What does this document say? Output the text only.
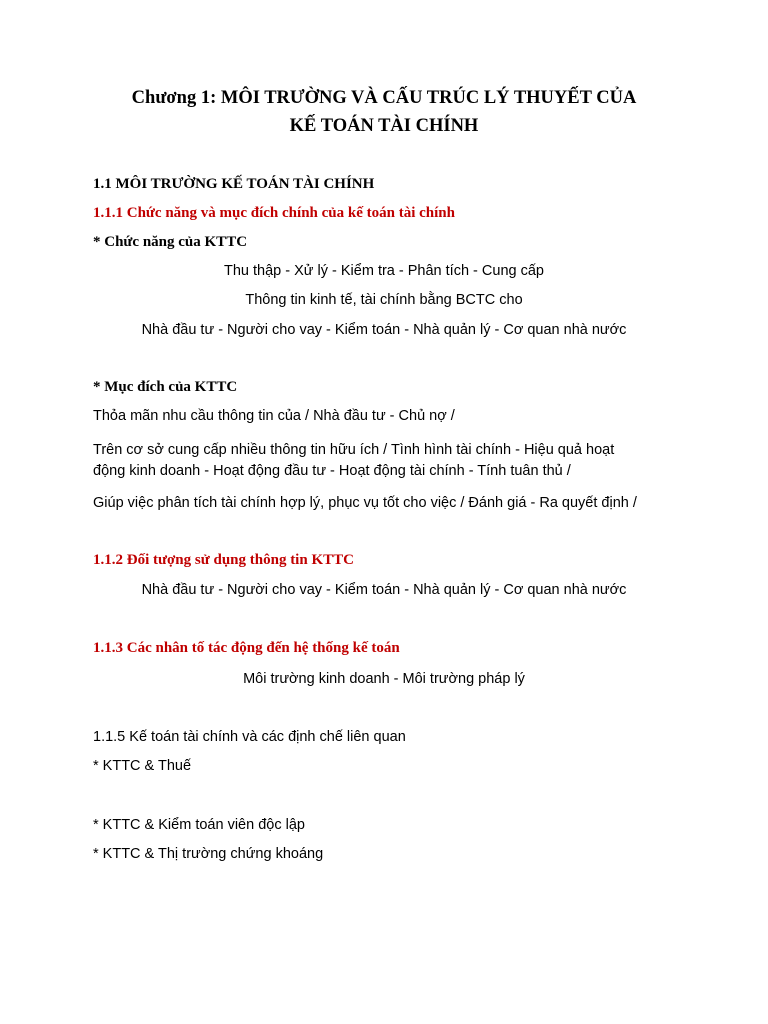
Chương 1: MÔI TRƯỜNG VÀ CẤU TRÚC LÝ THUYẾT CỦA
KẾ TOÁN TÀI CHÍNH
1.1 MÔI TRƯỜNG KẾ TOÁN TÀI CHÍNH
1.1.1 Chức năng và mục đích chính của kế toán tài chính
* Chức năng của KTTC
Thu thập - Xử lý - Kiểm tra - Phân tích - Cung cấp
Thông tin kinh tế, tài chính bằng BCTC cho
Nhà đầu tư - Người cho vay - Kiểm toán - Nhà quản lý - Cơ quan nhà nước
* Mục đích của KTTC
Thỏa mãn nhu cầu thông tin của / Nhà đầu tư - Chủ nợ /
Trên cơ sở cung cấp nhiều thông tin hữu ích / Tình hình tài chính - Hiệu quả hoạt
động kinh doanh - Hoạt động đầu tư - Hoạt động tài chính - Tính tuân thủ /
Giúp việc phân tích tài chính hợp lý, phục vụ tốt cho việc / Đánh giá - Ra quyết định /
1.1.2 Đối tượng sử dụng thông tin KTTC
Nhà đầu tư - Người cho vay - Kiểm toán - Nhà quản lý - Cơ quan nhà nước
1.1.3 Các nhân tố tác động đến hệ thống kế toán
Môi trường kinh doanh - Môi trường pháp lý
1.1.5 Kế toán tài chính và các định chế liên quan
* KTTC & Thuế
* KTTC & Kiểm toán viên độc lập
* KTTC & Thị trường chứng khoáng
